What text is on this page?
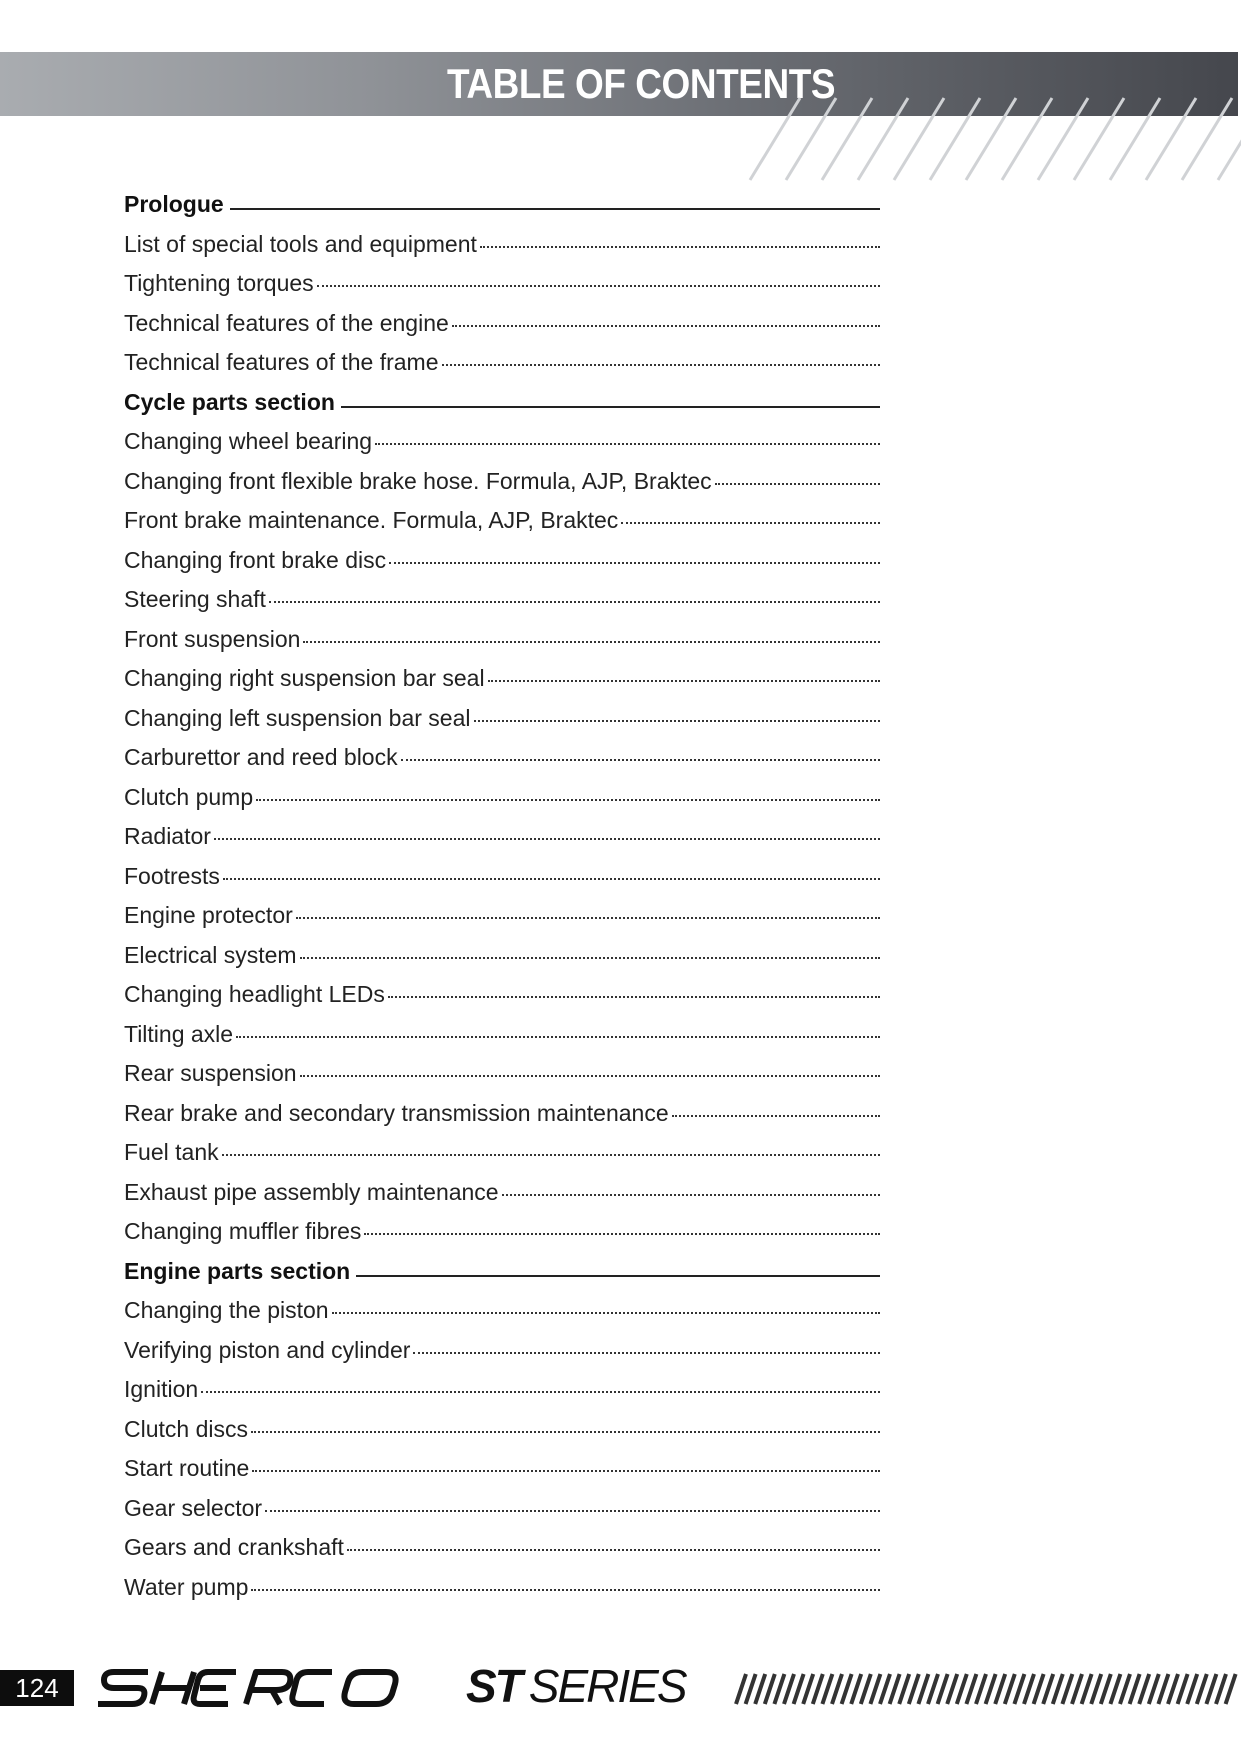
TABLE OF CONTENTS
Prologue
List of special tools and equipment
Tightening torques
Technical features of the engine
Technical features of the frame
Cycle parts section
Changing wheel bearing
Changing front flexible brake hose. Formula, AJP, Braktec
Front brake maintenance. Formula, AJP, Braktec
Changing front brake disc
Steering shaft
Front suspension
Changing right suspension bar seal
Changing left suspension bar seal
Carburettor and reed block
Clutch pump
Radiator
Footrests
Engine protector
Electrical system
Changing headlight LEDs
Tilting axle
Rear suspension
Rear brake and secondary transmission maintenance
Fuel tank
Exhaust pipe assembly maintenance
Changing muffler fibres
Engine parts section
Changing the piston
Verifying piston and cylinder
Ignition
Clutch discs
Start routine
Gear selector
Gears and crankshaft
Water pump
124	ST SERIES
